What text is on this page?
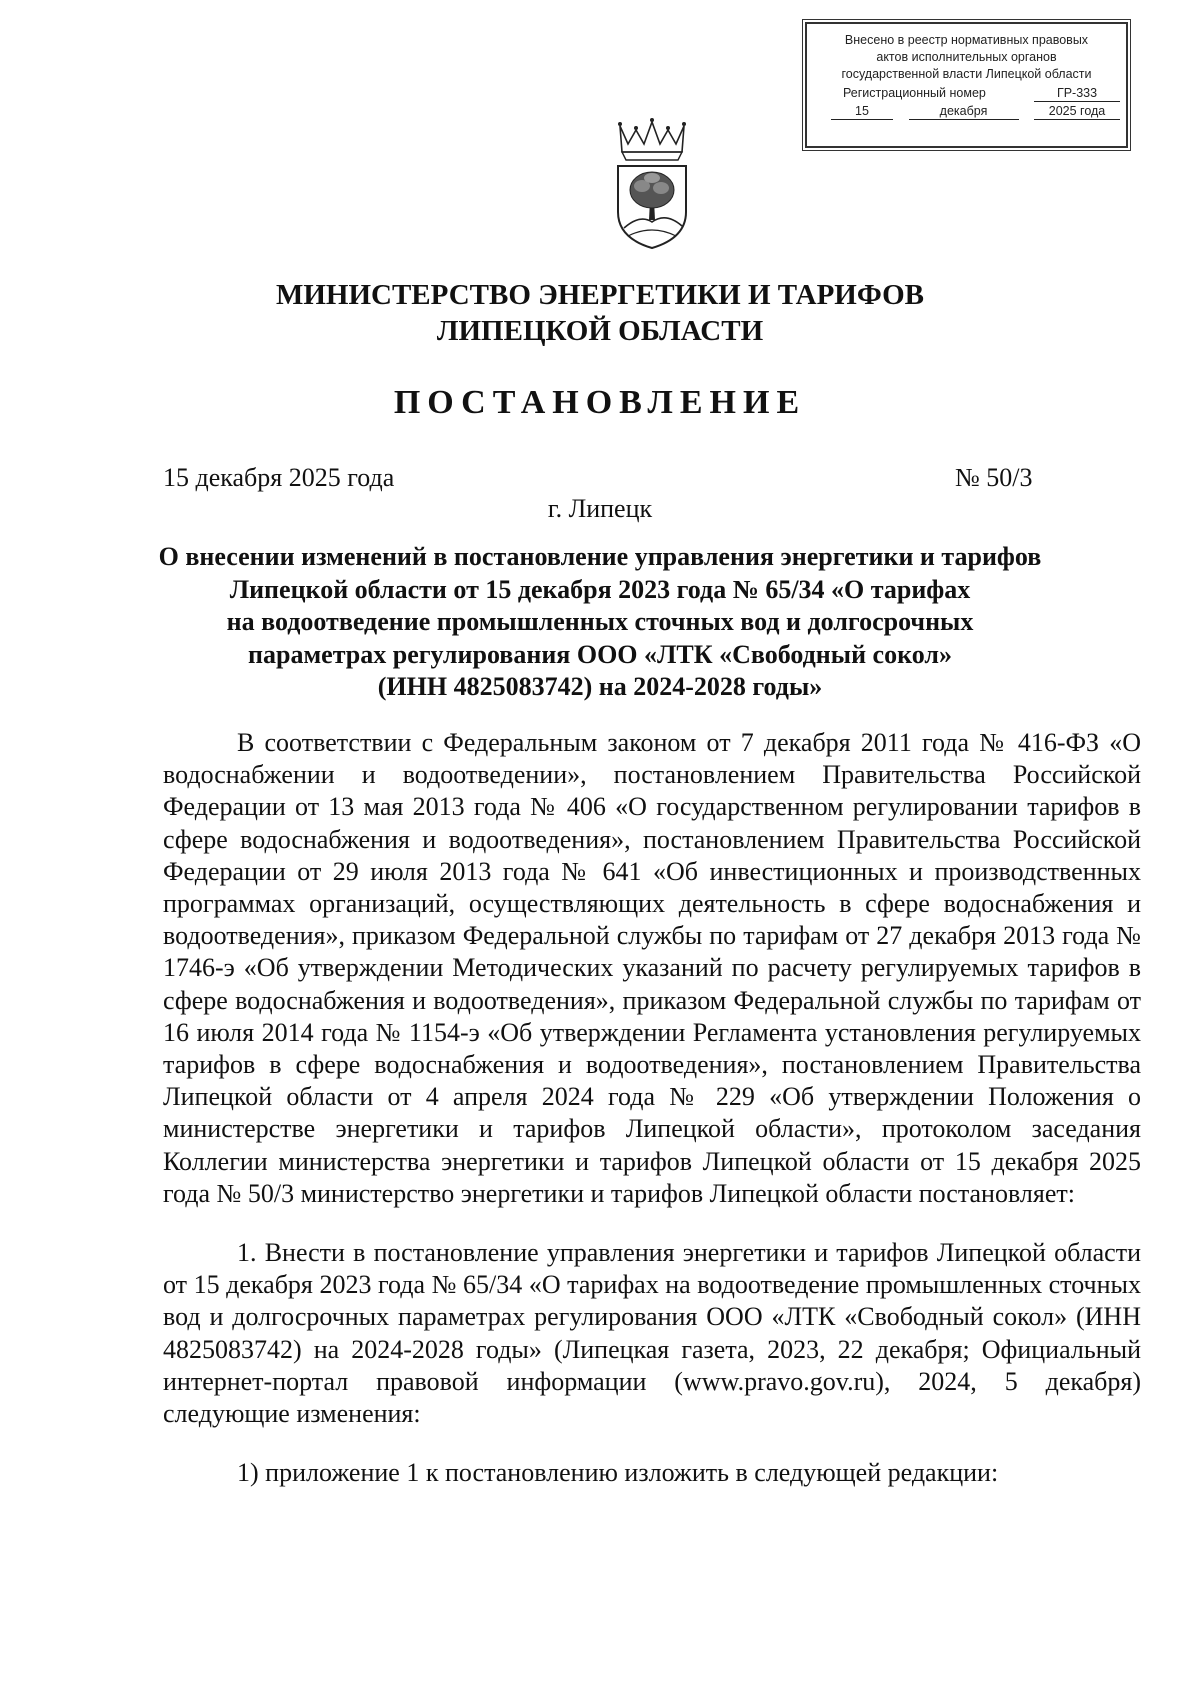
Внесено в реестр нормативных правовых
актов исполнительных органов
государственной власти Липецкой области
Регистрационный номер	ГР-333
15	декабря	2025 года
МИНИСТЕРСТВО ЭНЕРГЕТИКИ И ТАРИФОВ
ЛИПЕЦКОЙ ОБЛАСТИ
ПОСТАНОВЛЕНИЕ
15 декабря 2025 года	№ 50/3
г. Липецк
О внесении изменений в постановление управления энергетики и тарифов
Липецкой области от 15 декабря 2023 года № 65/34 «О тарифах
на водоотведение промышленных сточных вод и долгосрочных
параметрах регулирования ООО «ЛТК «Свободный сокол»
(ИНН 4825083742) на 2024-2028 годы»

В соответствии с Федеральным законом от 7 декабря 2011 года № 416-ФЗ «О водоснабжении и водоотведении», постановлением Правительства Российской Федерации от 13 мая 2013 года № 406 «О государственном регулировании тарифов в сфере водоснабжения и водоотведения», постановлением Правительства Российской Федерации от 29 июля 2013 года № 641 «Об инвестиционных и производственных программах организаций, осуществляющих деятельность в сфере водоснабжения и водоотведения», приказом Федеральной службы по тарифам от 27 декабря 2013 года № 1746-э «Об утверждении Методических указаний по расчету регулируемых тарифов в сфере водоснабжения и водоотведения», приказом Федеральной службы по тарифам от 16 июля 2014 года № 1154-э «Об утверждении Регламента установления регулируемых тарифов в сфере водоснабжения и водоотведения», постановлением Правительства Липецкой области от 4 апреля 2024 года № 229 «Об утверждении Положения о министерстве энергетики и тарифов Липецкой области», протоколом заседания Коллегии министерства энергетики и тарифов Липецкой области от 15 декабря 2025 года № 50/3 министерство энергетики и тарифов Липецкой области постановляет:

1. Внести в постановление управления энергетики и тарифов Липецкой области от 15 декабря 2023 года № 65/34 «О тарифах на водоотведение промышленных сточных вод и долгосрочных параметрах регулирования ООО «ЛТК «Свободный сокол» (ИНН 4825083742) на 2024-2028 годы» (Липецкая газета, 2023, 22 декабря; Официальный интернет-портал правовой информации (www.pravo.gov.ru), 2024, 5 декабря) следующие изменения:

1) приложение 1 к постановлению изложить в следующей редакции:
